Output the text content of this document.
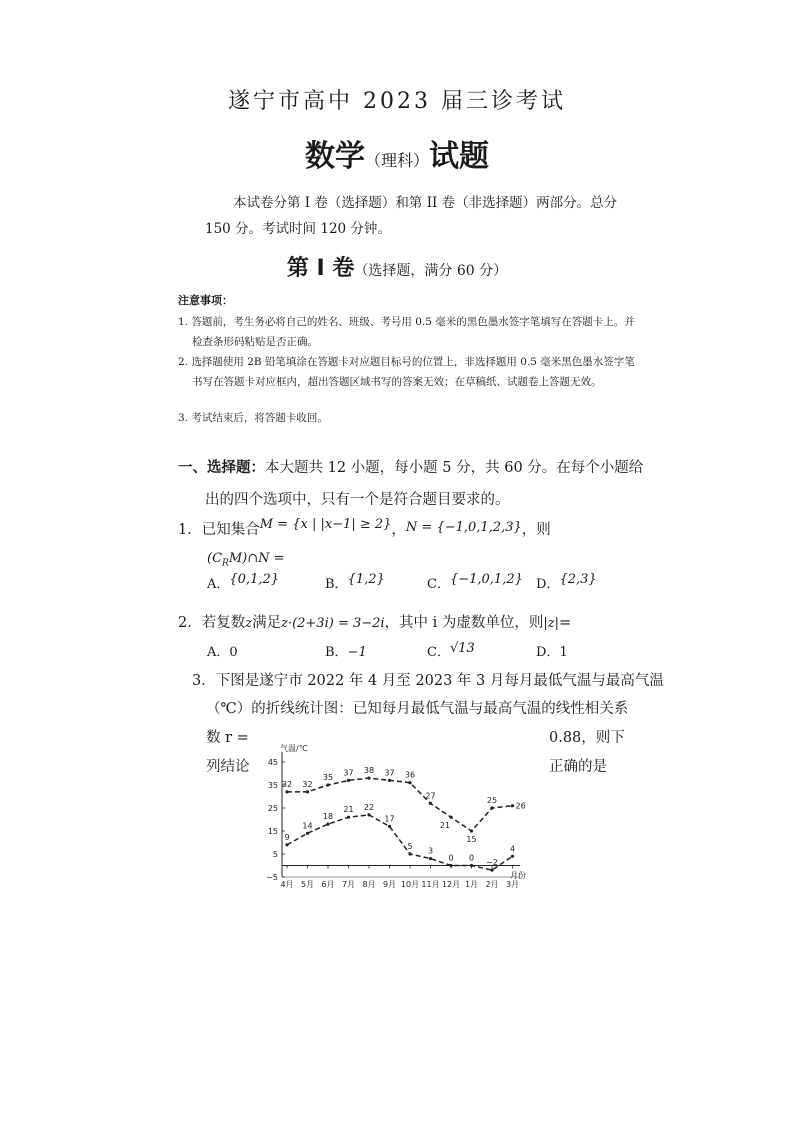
遂宁市高中 2023 届三诊考试
数学（理科）试题
本试卷分第 I 卷（选择题）和第 II 卷（非选择题）两部分。总分 150 分。考试时间 120 分钟。
第 I 卷（选择题，满分 60 分）
注意事项：
1. 答题前，考生务必将自己的姓名、班级、考号用 0.5 毫米的黑色墨水签字笔填写在答题卡上。并检查条形码粘贴是否正确。
2. 选择题使用 2B 铅笔填涂在答题卡对应题目标号的位置上，非选择题用 0.5 毫米黑色墨水签字笔书写在答题卡对应框内，超出答题区域书写的答案无效；在草稿纸、试题卷上答题无效。
3. 考试结束后，将答题卡收回。
一、选择题：本大题共 12 小题，每小题 5 分，共 60 分。在每个小题给
出的四个选项中，只有一个是符合题目要求的。
1．已知集合M = {x | |x−1| ≥ 2}，N = {−1,0,1,2,3}，则
$(C_RM)\cap N$ =
A．{0,1,2}	B．{1,2}	C．{−1,0,1,2} D．{2,3}
2．若复数z满足z·(2+3i) = 3−2i，其中 i 为虚数单位，则|z|=
A．0	B．−1	C．√13	D．1
3．下图是遂宁市 2022 年 4 月至 2023 年 3 月每月最低气温与最高气温
（℃）的折线统计图：已知每月最低气温与最高气温的线性相关系
数 r =	0.88，则下
列结论	正确的是
气温/℃
−5
5
15
25
35
45
4月 5月 6月 7月 8月 9月 10月 11月 12月 1月 2月 3月
月份
32 32
35
37 38 37 36
27
21
15
25
26
9
14
18
21 22
17
5
3
0 0
−2
4
